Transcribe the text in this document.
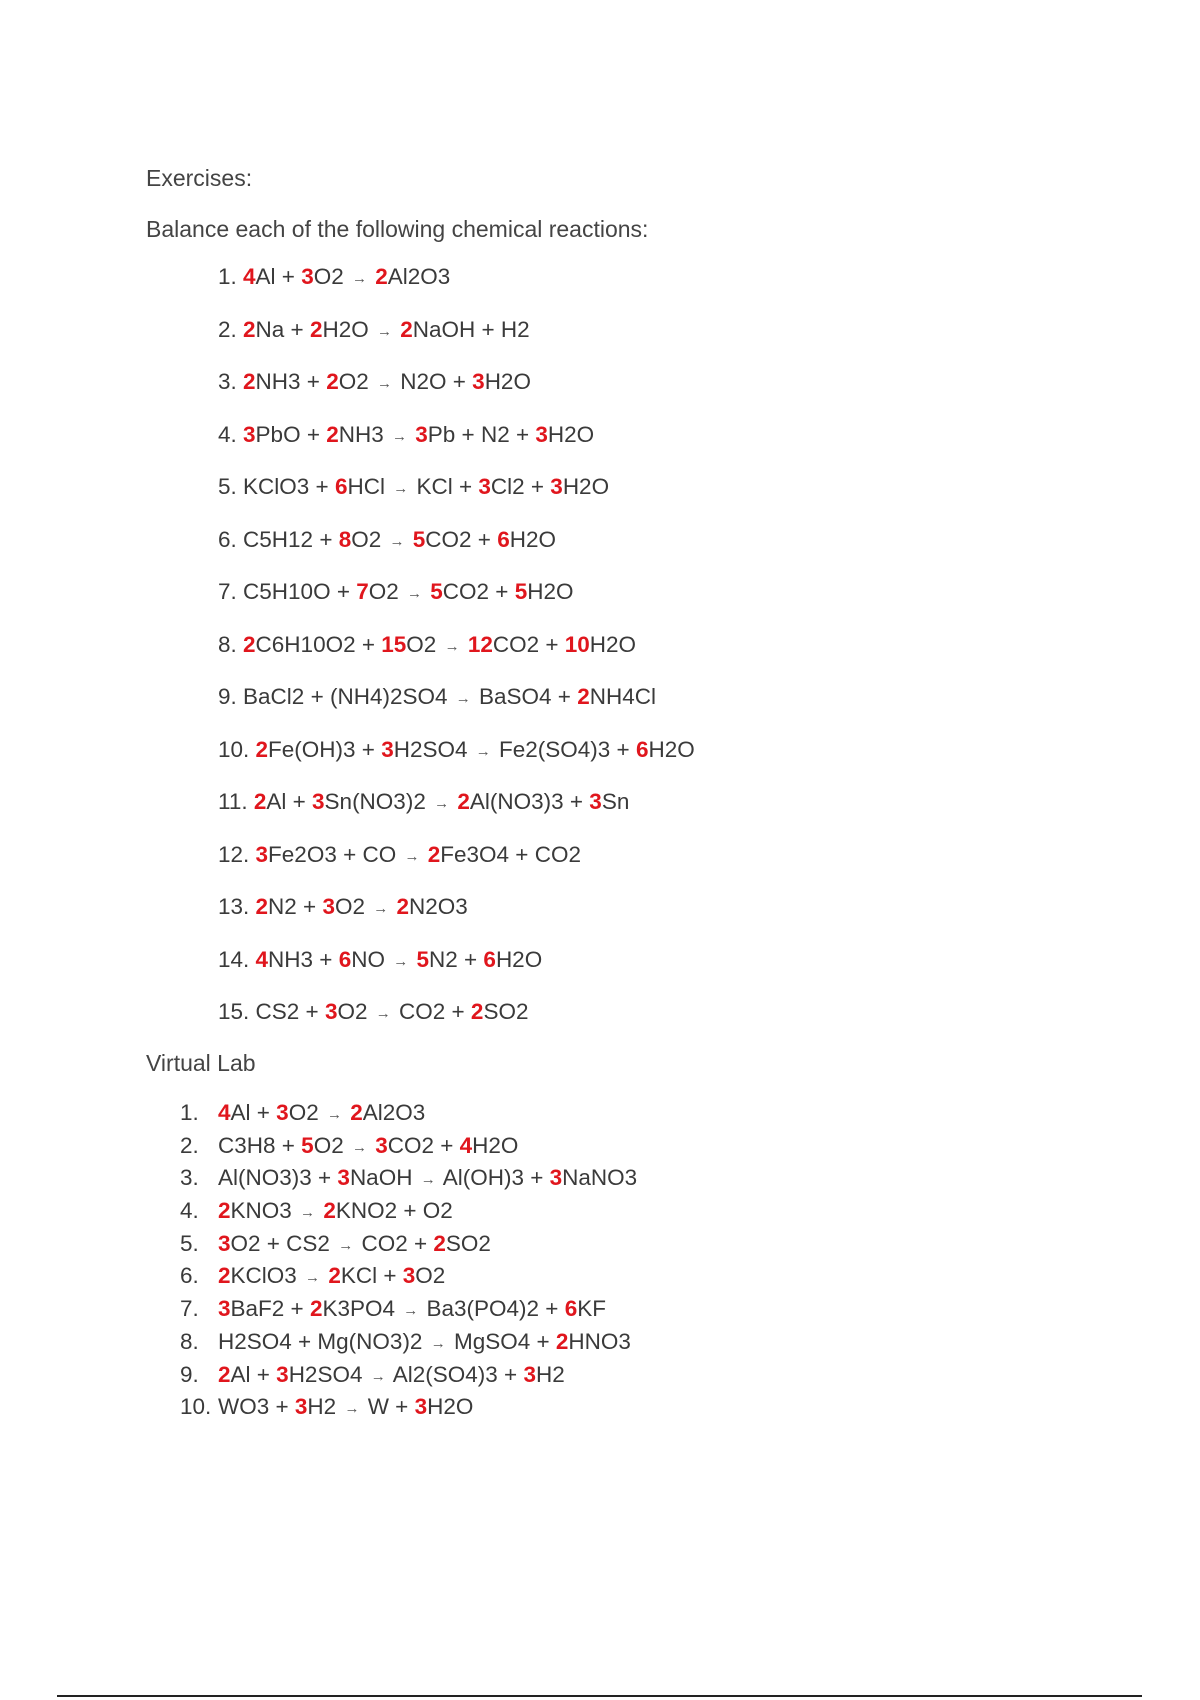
Exercises:
Balance each of the following chemical reactions:
1. 4Al + 3O2 → 2Al2O3
2. 2Na + 2H2O → 2NaOH + H2
3. 2NH3 + 2O2 → N2O + 3H2O
4. 3PbO + 2NH3 → 3Pb + N2 + 3H2O
5. KClO3 + 6HCl → KCl + 3Cl2 + 3H2O
6. C5H12 + 8O2 → 5CO2 + 6H2O
7. C5H10O + 7O2 → 5CO2 + 5H2O
8. 2C6H10O2 + 15O2 → 12CO2 + 10H2O
9. BaCl2 + (NH4)2SO4 → BaSO4 + 2NH4Cl
10. 2Fe(OH)3 + 3H2SO4 → Fe2(SO4)3 + 6H2O
11. 2Al + 3Sn(NO3)2 → 2Al(NO3)3 + 3Sn
12. 3Fe2O3 + CO → 2Fe3O4 + CO2
13. 2N2 + 3O2 → 2N2O3
14. 4NH3 + 6NO → 5N2 + 6H2O
15. CS2 + 3O2 → CO2 + 2SO2
Virtual Lab
1. 4Al + 3O2 → 2Al2O3
2. C3H8 + 5O2 → 3CO2 + 4H2O
3. Al(NO3)3 + 3NaOH → Al(OH)3 + 3NaNO3
4. 2KNO3 → 2KNO2 + O2
5. 3O2 + CS2 → CO2 + 2SO2
6. 2KClO3 → 2KCl + 3O2
7. 3BaF2 + 2K3PO4 → Ba3(PO4)2 + 6KF
8. H2SO4 + Mg(NO3)2 → MgSO4 + 2HNO3
9. 2Al + 3H2SO4 → Al2(SO4)3 + 3H2
10. WO3 + 3H2 → W + 3H2O
